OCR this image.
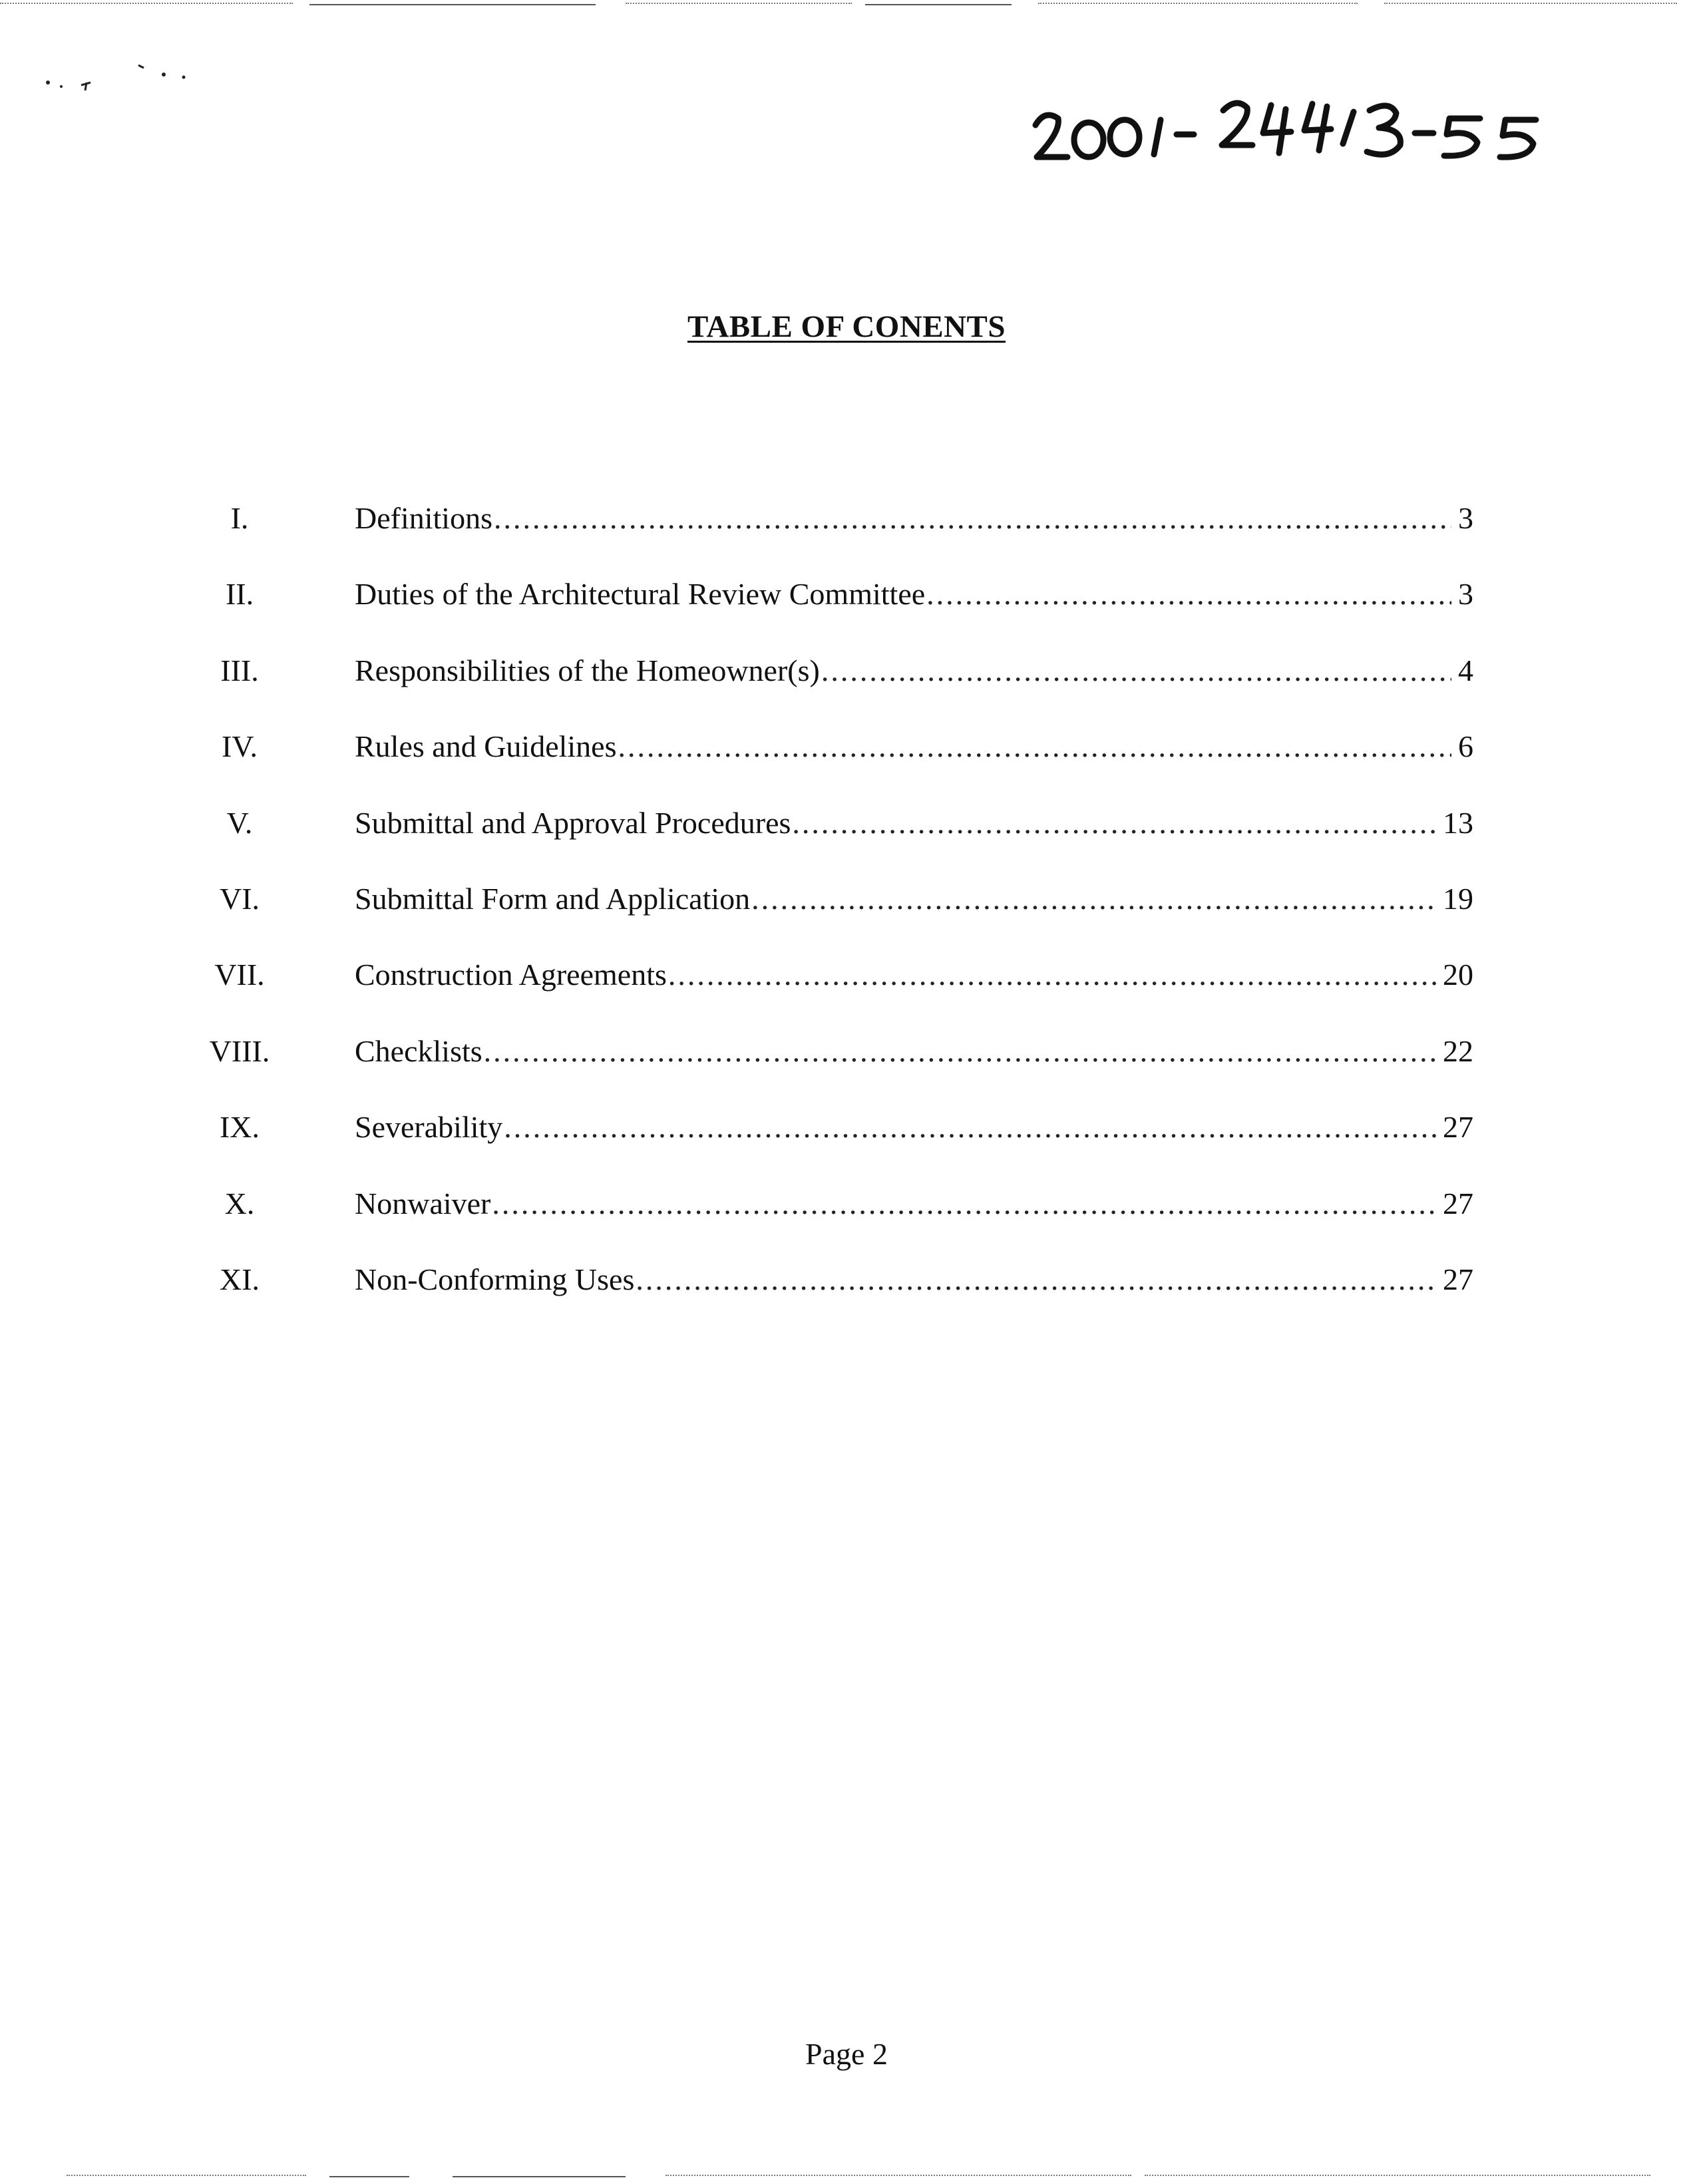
TABLE OF CONENTS
I.	Definitions .....	3
II.	Duties of the Architectural Review Committee .....	3
III.	Responsibilities of the Homeowner(s) .....	4
IV.	Rules and Guidelines .....	6
V.	Submittal and Approval Procedures .....	13
VI.	Submittal Form and Application .....	19
VII.	Construction Agreements .....	20
VIII.	Checklists .....	22
IX.	Severability .....	27
X.	Nonwaiver .....	27
XI.	Non-Conforming Uses .....	27
Page 2
